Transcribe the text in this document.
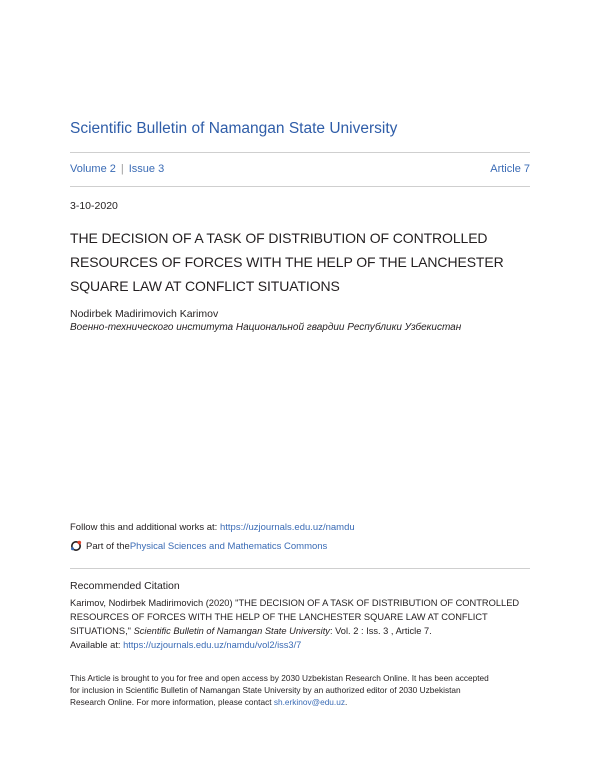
Scientific Bulletin of Namangan State University
Volume 2 | Issue 3	Article 7
3-10-2020
THE DECISION OF A TASK OF DISTRIBUTION OF CONTROLLED
RESOURCES OF FORCES WITH THE HELP OF THE LANCHESTER
SQUARE LAW AT CONFLICT SITUATIONS
Nodirbek Madirimovich Karimov
Военно-технического института Национальной гвардии Республики Узбекистан
Follow this and additional works at: https://uzjournals.edu.uz/namdu
Part of the Physical Sciences and Mathematics Commons
Recommended Citation
Karimov, Nodirbek Madirimovich (2020) "THE DECISION OF A TASK OF DISTRIBUTION OF CONTROLLED
RESOURCES OF FORCES WITH THE HELP OF THE LANCHESTER SQUARE LAW AT CONFLICT
SITUATIONS," Scientific Bulletin of Namangan State University: Vol. 2 : Iss. 3 , Article 7.
Available at: https://uzjournals.edu.uz/namdu/vol2/iss3/7
This Article is brought to you for free and open access by 2030 Uzbekistan Research Online. It has been accepted
for inclusion in Scientific Bulletin of Namangan State University by an authorized editor of 2030 Uzbekistan
Research Online. For more information, please contact sh.erkinov@edu.uz.
